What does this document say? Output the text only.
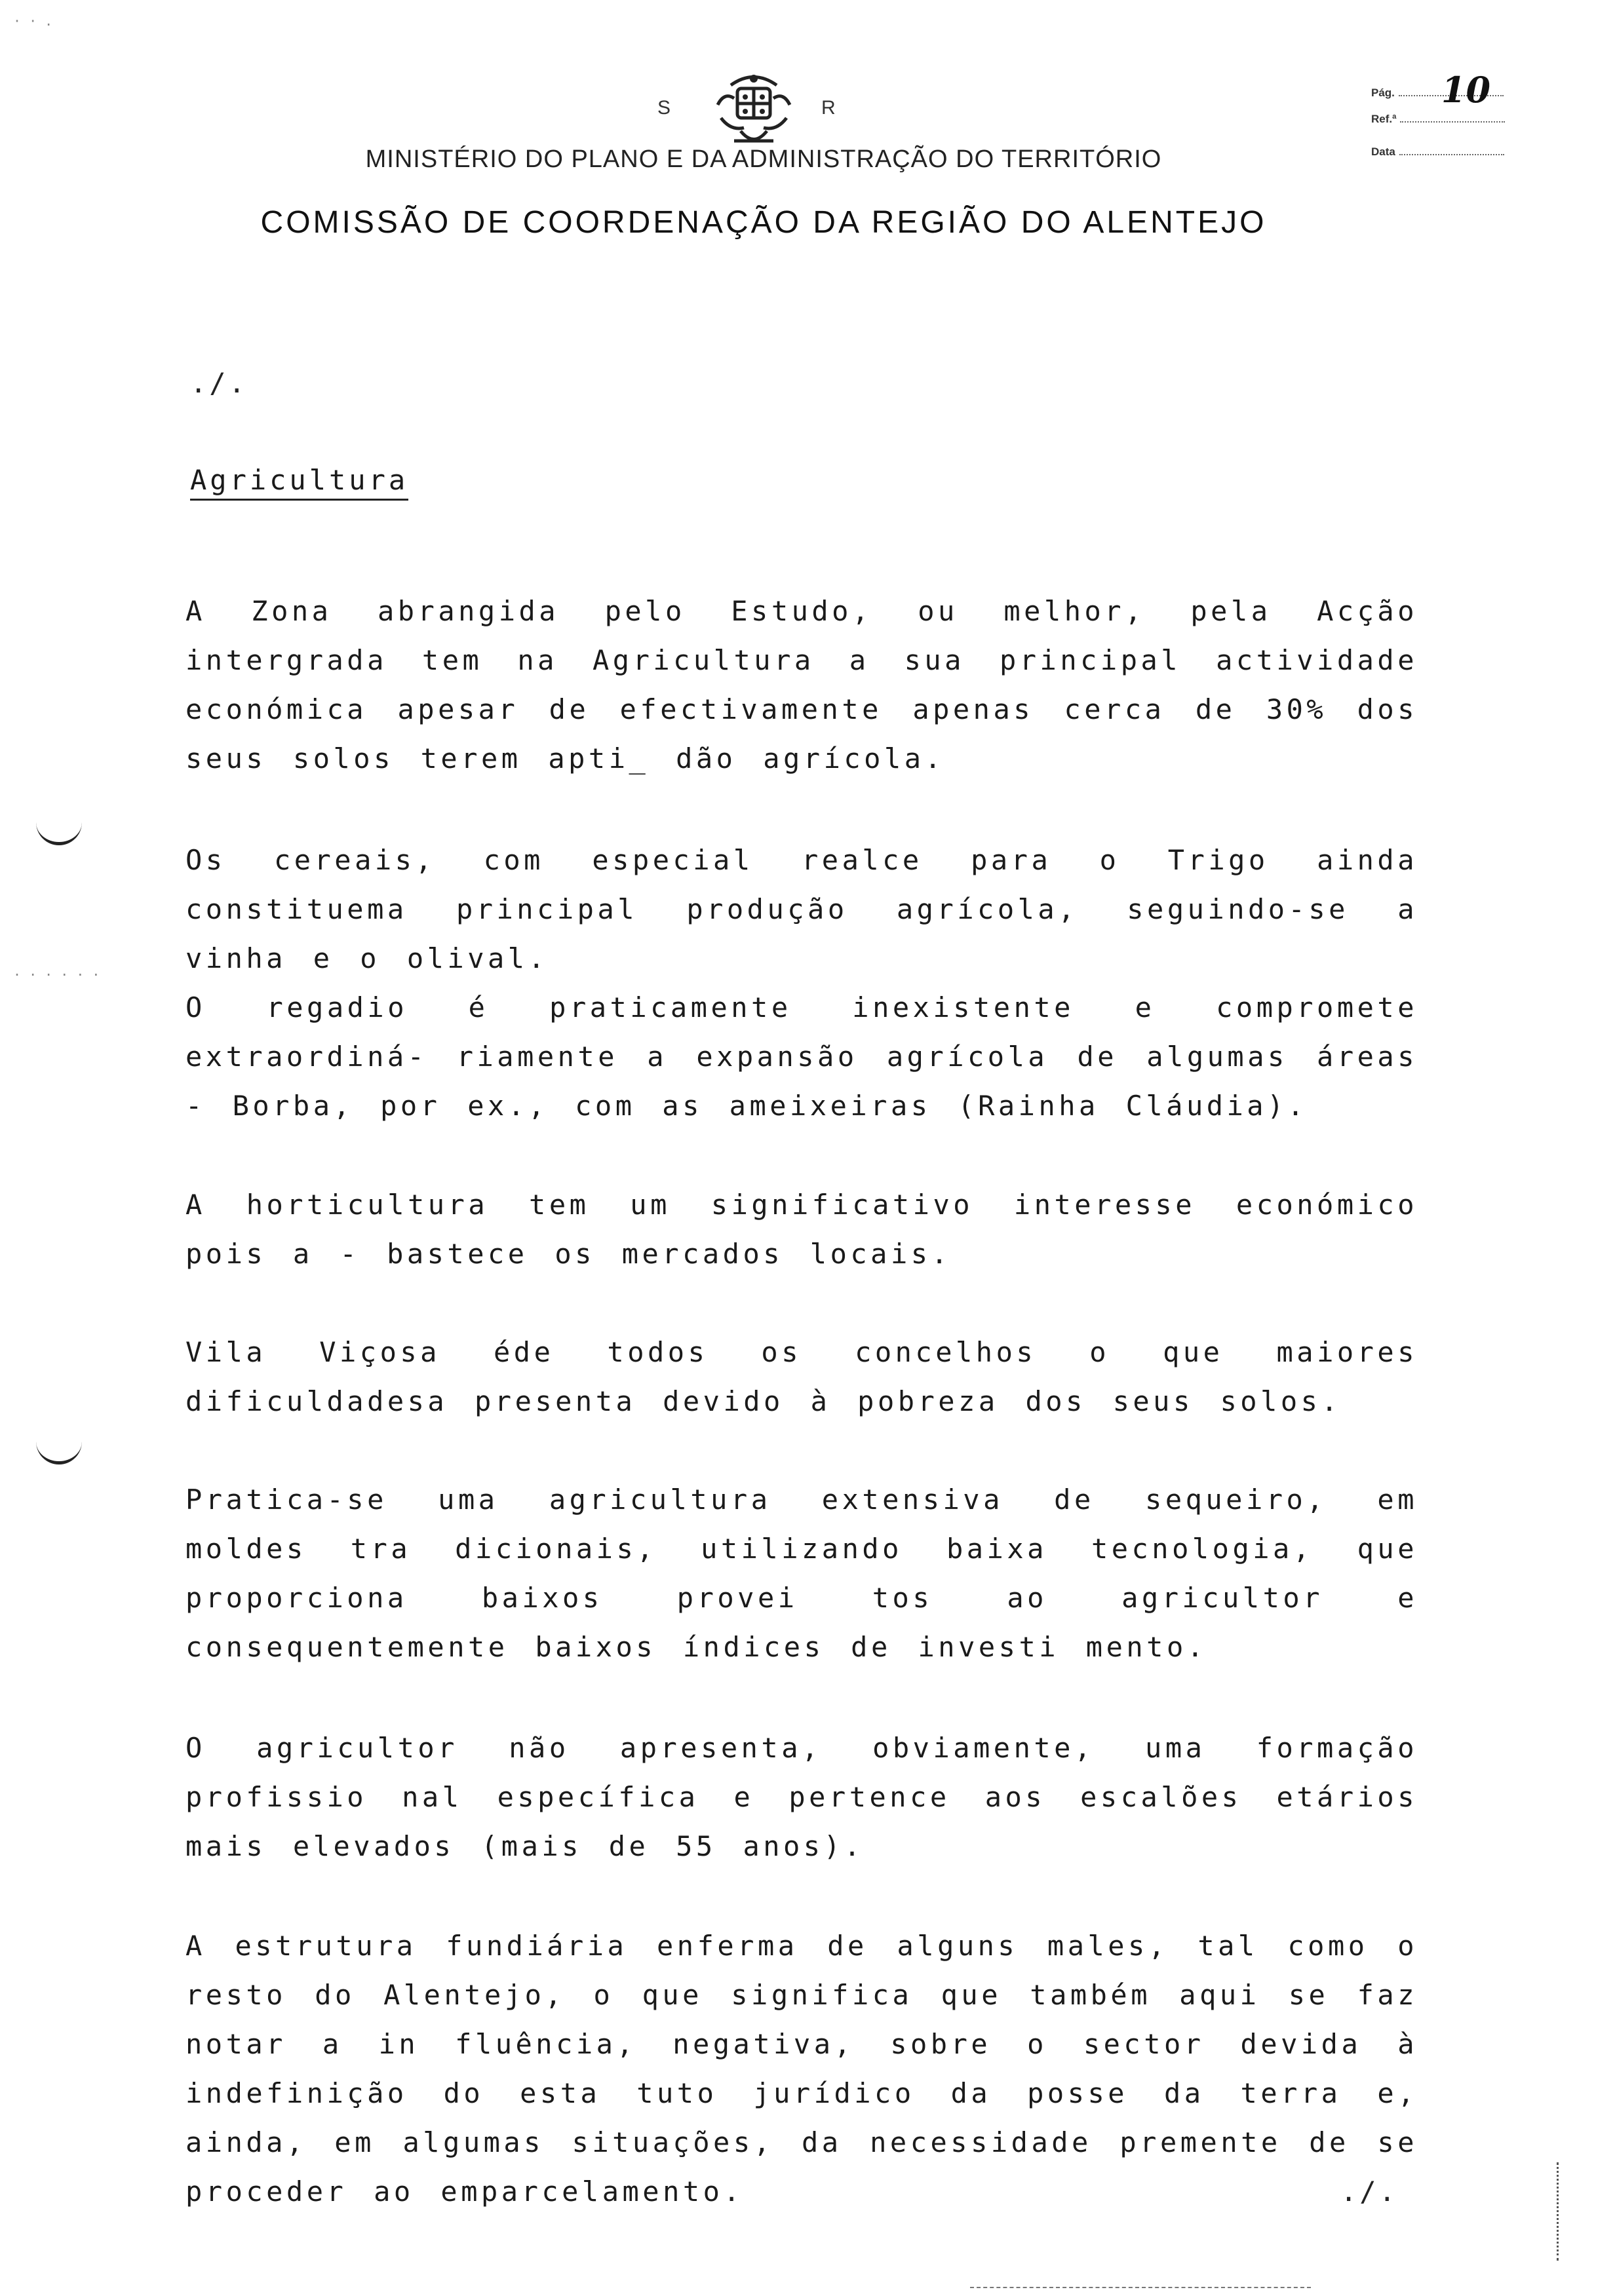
S	R
MINISTÉRIO DO PLANO E DA ADMINISTRAÇÃO DO TERRITÓRIO
COMISSÃO DE COORDENAÇÃO DA REGIÃO DO ALENTEJO
Pág. 10
Ref.ª
Data
./.
Agricultura

A Zona abrangida pelo Estudo, ou melhor, pela Acção intergrada tem na Agricultura a sua principal actividade económica apesar de efectivamente apenas cerca de 30% dos seus solos terem apti_ dão agrícola.

Os cereais, com especial realce para o Trigo ainda constituema principal produção agrícola, seguindo-se a vinha e o olival.

O regadio é praticamente inexistente e compromete extraordiná- riamente a expansão agrícola de algumas áreas - Borba, por ex., com as ameixeiras (Rainha Cláudia).

A horticultura tem um significativo interesse económico pois a - bastece os mercados locais.

Vila Viçosa éde todos os concelhos o que maiores dificuldadesa presenta devido à pobreza dos seus solos.

Pratica-se uma agricultura extensiva de sequeiro, em moldes tra dicionais, utilizando baixa tecnologia, que proporciona baixos provei tos ao agricultor e consequentemente baixos índices de investi mento.

O agricultor não apresenta, obviamente, uma formação profissio nal específica e pertence aos escalões etários mais elevados (mais de 55 anos).

A estrutura fundiária enferma de alguns males, tal como o resto do Alentejo, o que significa que também aqui se faz notar a in fluência, negativa, sobre o sector devida à indefinição do esta tuto jurídico da posse da terra e, ainda, em algumas situações, da necessidade premente de se proceder ao emparcelamento.	./.
· · .
. . . . . .
